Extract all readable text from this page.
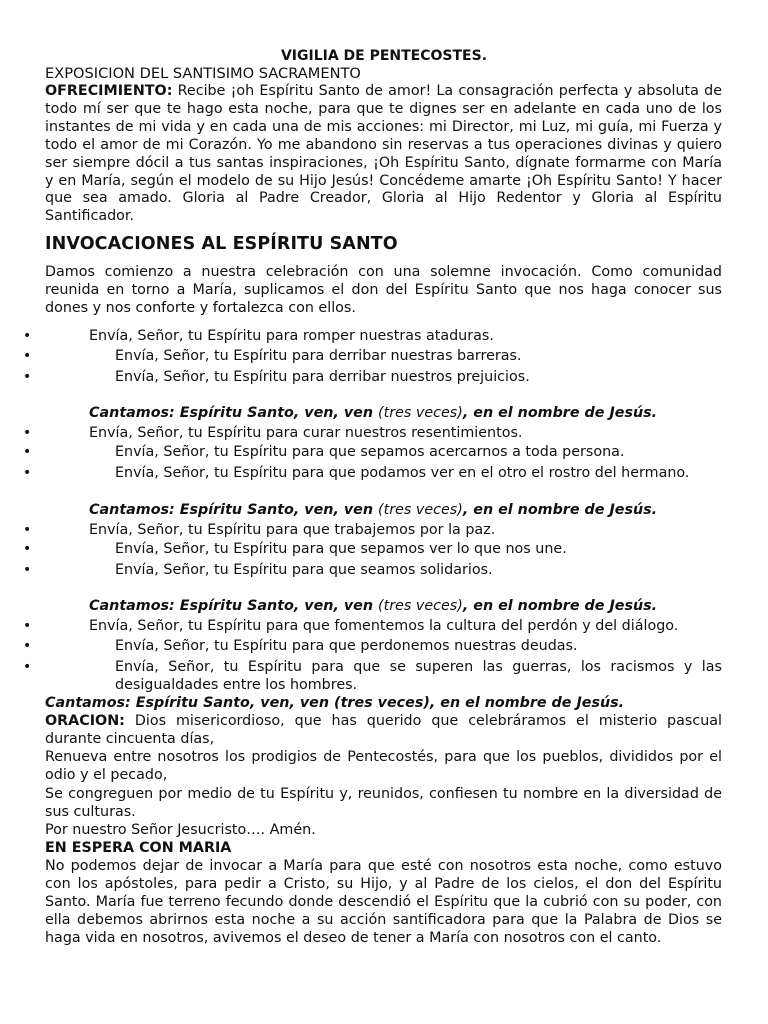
VIGILIA DE PENTECOSTES.
EXPOSICION DEL SANTISIMO SACRAMENTO
OFRECIMIENTO: Recibe ¡oh Espíritu Santo de amor! La consagración perfecta y absoluta de todo mí ser que te hago esta noche, para que te dignes ser en adelante en cada uno de los instantes de mi vida y en cada una de mis acciones: mi Director, mi Luz, mi guía, mi Fuerza y todo el amor de mi Corazón. Yo me abandono sin reservas a tus operaciones divinas y quiero ser siempre dócil a tus santas inspiraciones, ¡Oh Espíritu Santo, dígnate formarme con María y en María, según el modelo de su Hijo Jesús! Concédeme amarte ¡Oh Espíritu Santo! Y hacer que sea amado. Gloria al Padre Creador, Gloria al Hijo Redentor y Gloria al Espíritu Santificador.
INVOCACIONES AL ESPÍRITU SANTO
Damos comienzo a nuestra celebración con una solemne invocación. Como comunidad reunida en torno a María, suplicamos el don del Espíritu Santo que nos haga conocer sus dones y nos conforte y fortalezca con ellos.
• Envía, Señor, tu Espíritu para romper nuestras ataduras.
• Envía, Señor, tu Espíritu para derribar nuestras barreras.
• Envía, Señor, tu Espíritu para derribar nuestros prejuicios.
Cantamos: Espíritu Santo, ven, ven (tres veces), en el nombre de Jesús.
• Envía, Señor, tu Espíritu para curar nuestros resentimientos.
• Envía, Señor, tu Espíritu para que sepamos acercarnos a toda persona.
• Envía, Señor, tu Espíritu para que podamos ver en el otro el rostro del hermano.
Cantamos: Espíritu Santo, ven, ven (tres veces), en el nombre de Jesús.
• Envía, Señor, tu Espíritu para que trabajemos por la paz.
• Envía, Señor, tu Espíritu para que sepamos ver lo que nos une.
• Envía, Señor, tu Espíritu para que seamos solidarios.
Cantamos: Espíritu Santo, ven, ven (tres veces), en el nombre de Jesús.
• Envía, Señor, tu Espíritu para que fomentemos la cultura del perdón y del diálogo.
• Envía, Señor, tu Espíritu para que perdonemos nuestras deudas.
• Envía, Señor, tu Espíritu para que se superen las guerras, los racismos y las desigualdades entre los hombres.
Cantamos: Espíritu Santo, ven, ven (tres veces), en el nombre de Jesús.
ORACION: Dios misericordioso, que has querido que celebráramos el misterio pascual durante cincuenta días,
Renueva entre nosotros los prodigios de Pentecostés, para que los pueblos, divididos por el odio y el pecado,
Se congreguen por medio de tu Espíritu y, reunidos, confiesen tu nombre en la diversidad de sus culturas.
Por nuestro Señor Jesucristo…. Amén.
EN ESPERA CON MARIA
No podemos dejar de invocar a María para que esté con nosotros esta noche, como estuvo con los apóstoles, para pedir a Cristo, su Hijo, y al Padre de los cielos, el don del Espíritu Santo. María fue terreno fecundo donde descendió el Espíritu que la cubrió con su poder, con ella debemos abrirnos esta noche a su acción santificadora para que la Palabra de Dios se haga vida en nosotros, avivemos el deseo de tener a María con nosotros con el canto.
